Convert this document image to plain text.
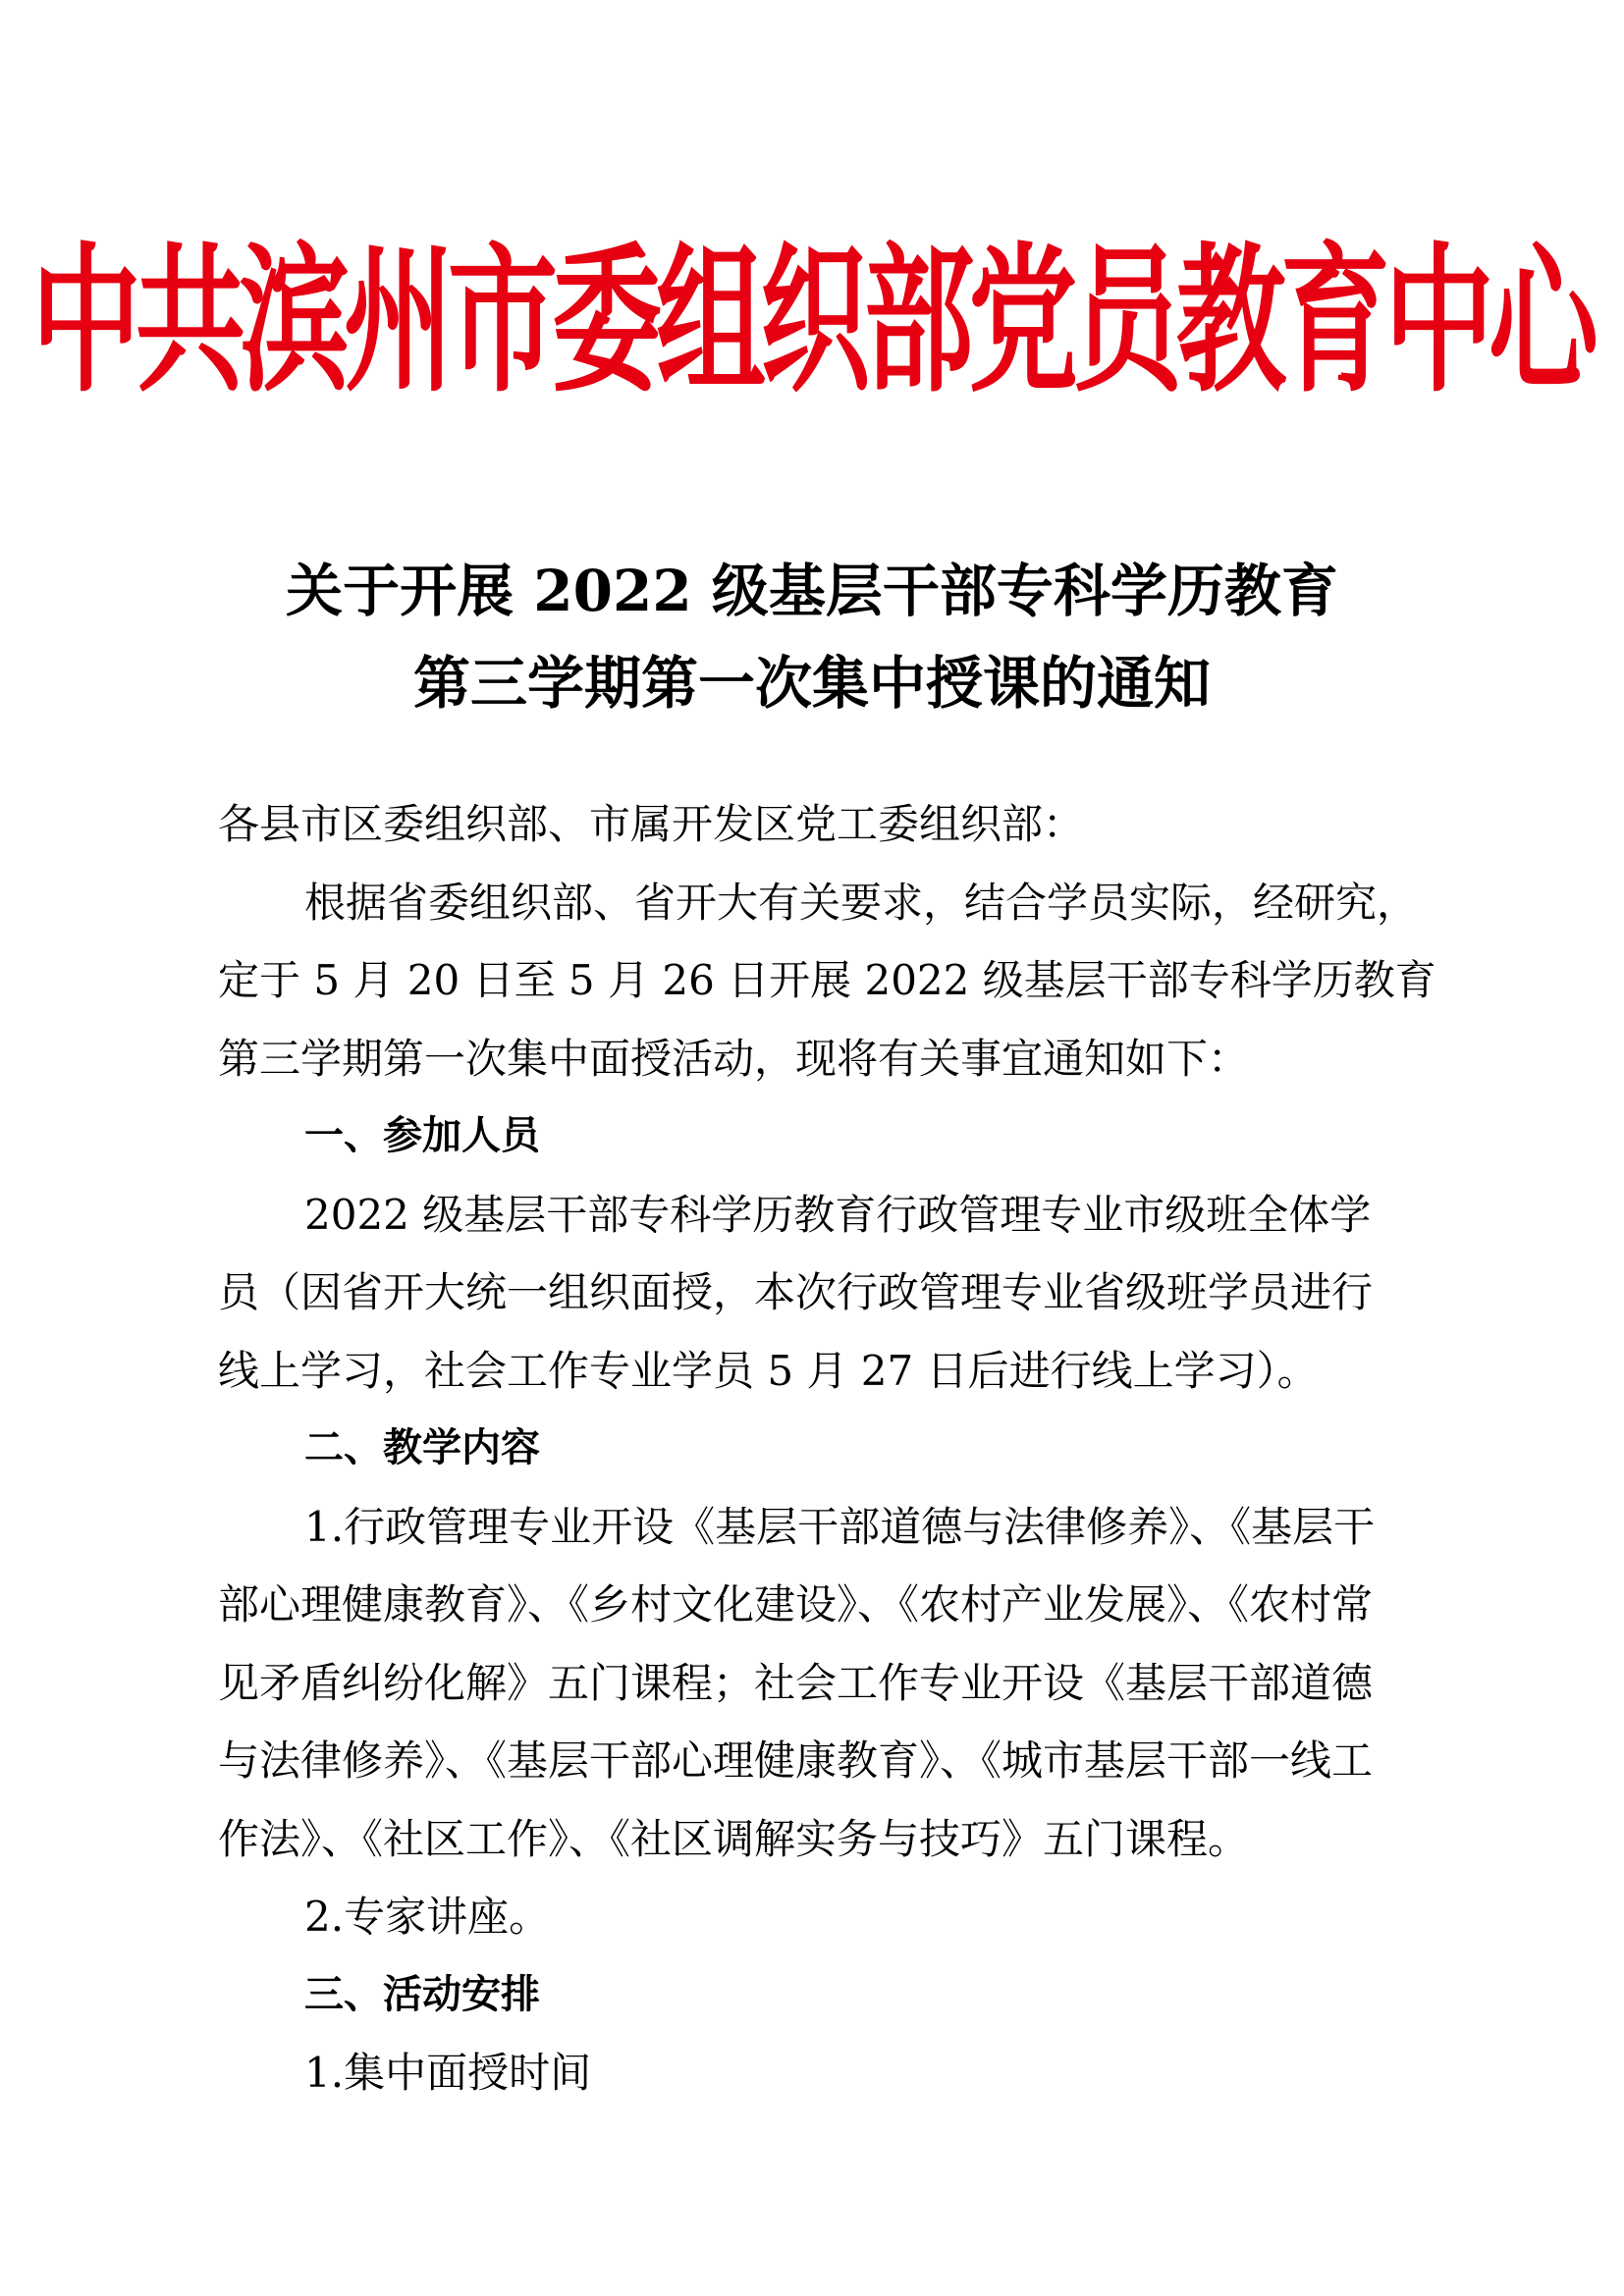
中共滨州市委组织部党员教育中心
关于开展 2022 级基层干部专科学历教育
第三学期第一次集中授课的通知
各县市区委组织部、市属开发区党工委组织部：
根据省委组织部、省开大有关要求，结合学员实际，经研究，
定于 5 月 20 日至 5 月 26 日开展 2022 级基层干部专科学历教育
第三学期第一次集中面授活动，现将有关事宜通知如下：
一、参加人员
2022 级基层干部专科学历教育行政管理专业市级班全体学
员（因省开大统一组织面授，本次行政管理专业省级班学员进行
线上学习，社会工作专业学员 5 月 27 日后进行线上学习）。
二、教学内容
1.行政管理专业开设《基层干部道德与法律修养》、《基层干
部心理健康教育》、《乡村文化建设》、《农村产业发展》、《农村常
见矛盾纠纷化解》五门课程；社会工作专业开设《基层干部道德
与法律修养》、《基层干部心理健康教育》、《城市基层干部一线工
作法》、《社区工作》、《社区调解实务与技巧》五门课程。
2.专家讲座。
三、活动安排
1.集中面授时间
